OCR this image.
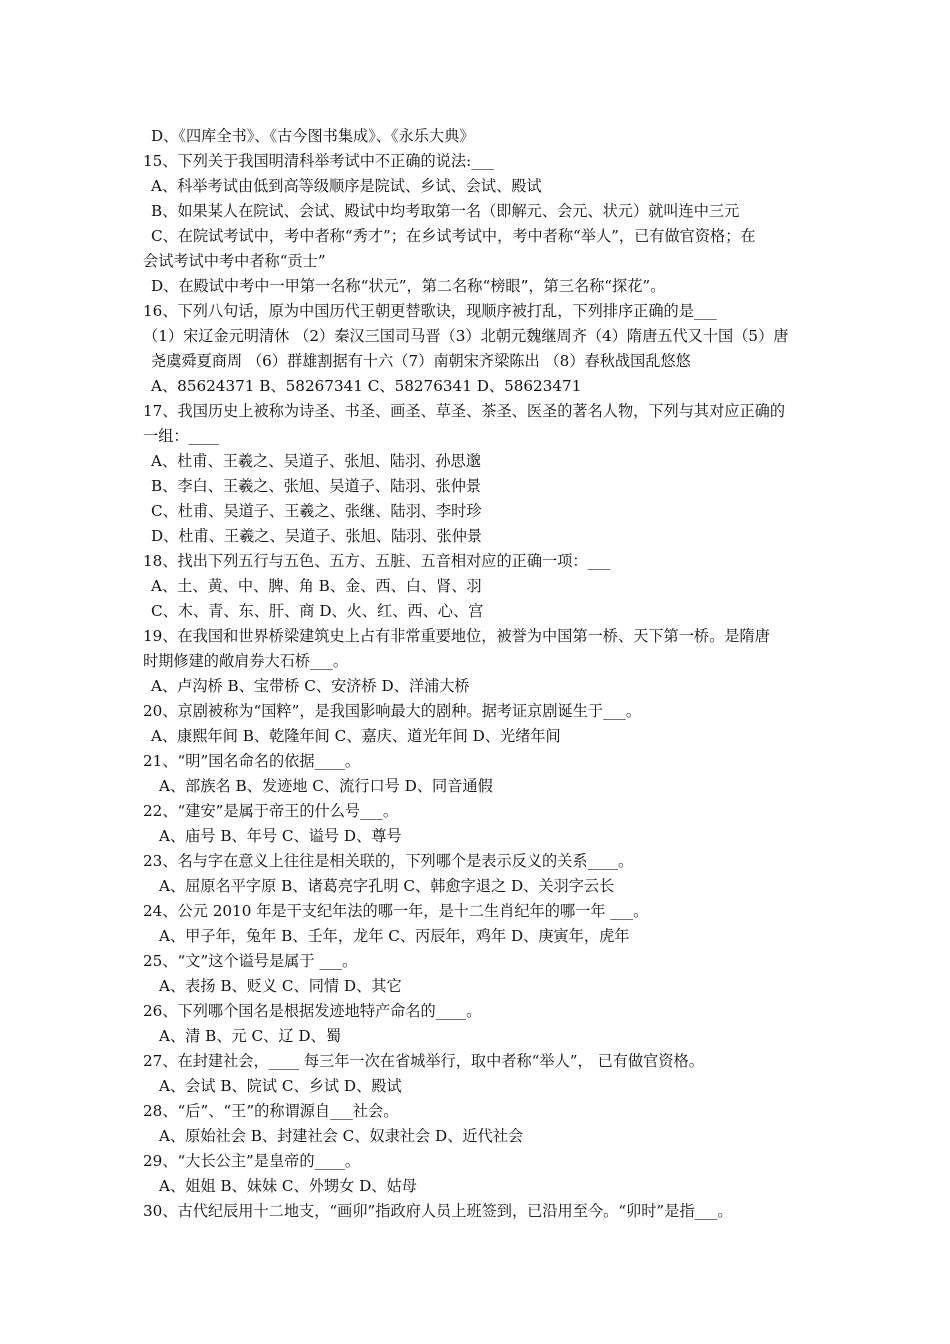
D、《四库全书》、《古今图书集成》、《永乐大典》
15、下列关于我国明清科举考试中不正确的说法:___
A、科举考试由低到高等级顺序是院试、乡试、会试、殿试
B、如果某人在院试、会试、殿试中均考取第一名（即解元、会元、状元）就叫连中三元
C、在院试考试中，考中者称“秀才”；在乡试考试中，考中者称“举人”，已有做官资格；在
会试考试中考中者称“贡士”
D、在殿试中考中一甲第一名称“状元”，第二名称“榜眼”，第三名称“探花”。
16、下列八句话，原为中国历代王朝更替歌诀，现顺序被打乱，下列排序正确的是___
（1）宋辽金元明清休 （2）秦汉三国司马晋（3）北朝元魏继周齐（4）隋唐五代又十国（5）唐
尧虞舜夏商周 （6）群雄割据有十六（7）南朝宋齐梁陈出 （8）春秋战国乱悠悠
A、85624371 B、58267341 C、58276341 D、58623471
17、我国历史上被称为诗圣、书圣、画圣、草圣、茶圣、医圣的著名人物，下列与其对应正确的
一组：____
A、杜甫、王羲之、吴道子、张旭、陆羽、孙思邈
B、李白、王羲之、张旭、吴道子、陆羽、张仲景
C、杜甫、吴道子、王羲之、张继、陆羽、李时珍
D、杜甫、王羲之、吴道子、张旭、陆羽、张仲景
18、找出下列五行与五色、五方、五脏、五音相对应的正确一项：___
A、土、黄、中、脾、角 B、金、西、白、肾、羽
C、木、青、东、肝、商 D、火、红、西、心、宫
19、在我国和世界桥梁建筑史上占有非常重要地位，被誉为中国第一桥、天下第一桥。是隋唐
时期修建的敞肩券大石桥___。
A、卢沟桥 B、宝带桥 C、安济桥 D、洋浦大桥
20、京剧被称为“国粹”，是我国影响最大的剧种。据考证京剧诞生于___。
A、康熙年间 B、乾隆年间 C、嘉庆、道光年间 D、光绪年间
21、“明”国名命名的依据____。
A、部族名 B、发迹地 C、流行口号 D、同音通假
22、“建安”是属于帝王的什么号___。
A、庙号 B、年号 C、谥号 D、尊号
23、名与字在意义上往往是相关联的，下列哪个是表示反义的关系____。
A、屈原名平字原 B、诸葛亮字孔明 C、韩愈字退之 D、关羽字云长
24、公元 2010 年是干支纪年法的哪一年，是十二生肖纪年的哪一年 ___。
A、甲子年，兔年 B、壬年，龙年 C、丙辰年，鸡年 D、庚寅年，虎年
25、“文”这个谥号是属于 ___。
A、表扬 B、贬义 C、同情 D、其它
26、下列哪个国名是根据发迹地特产命名的____。
A、清 B、元 C、辽 D、蜀
27、在封建社会，____ 每三年一次在省城举行，取中者称“举人”， 已有做官资格。
A、会试 B、院试 C、乡试 D、殿试
28、“后”、“王”的称谓源自___社会。
A、原始社会 B、封建社会 C、奴隶社会 D、近代社会
29、“大长公主”是皇帝的____。
A、姐姐 B、妹妹 C、外甥女 D、姑母
30、古代纪辰用十二地支，“画卯”指政府人员上班签到，已沿用至今。“卯时”是指___。
